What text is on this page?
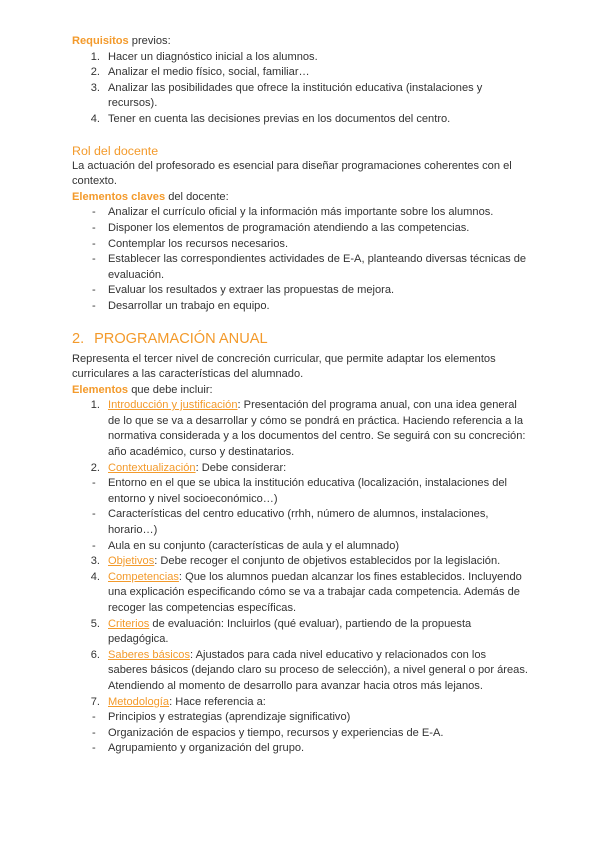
Requisitos previos:

1. Hacer un diagnóstico inicial a los alumnos.
2. Analizar el medio físico, social, familiar…
3. Analizar las posibilidades que ofrece la institución educativa (instalaciones y recursos).
4. Tener en cuenta las decisiones previas en los documentos del centro.

Rol del docente

La actuación del profesorado es esencial para diseñar programaciones coherentes con el contexto.

Elementos claves del docente:

-	Analizar el currículo oficial y la información más importante sobre los alumnos.
-	Disponer los elementos de programación atendiendo a las competencias.
-	Contemplar los recursos necesarios.
-	Establecer las correspondientes actividades de E-A, planteando diversas técnicas de evaluación.
-	Evaluar los resultados y extraer las propuestas de mejora.
-	Desarrollar un trabajo en equipo.

2. PROGRAMACIÓN ANUAL

Representa el tercer nivel de concreción curricular, que permite adaptar los elementos curriculares a las características del alumnado.

Elementos que debe incluir:

1. Introducción y justificación: Presentación del programa anual, con una idea general de lo que se va a desarrollar y cómo se pondrá en práctica. Haciendo referencia a la normativa considerada y a los documentos del centro. Se seguirá con su concreción: año académico, curso y destinatarios.
2. Contextualización: Debe considerar:
-	Entorno en el que se ubica la institución educativa (localización, instalaciones del entorno y nivel socioeconómico…)
-	Características del centro educativo (rrhh, número de alumnos, instalaciones, horario…)
-	Aula en su conjunto (características de aula y el alumnado)
3. Objetivos: Debe recoger el conjunto de objetivos establecidos por la legislación.
4. Competencias: Que los alumnos puedan alcanzar los fines establecidos. Incluyendo una explicación especificando cómo se va a trabajar cada competencia. Además de recoger las competencias específicas.
5. Criterios de evaluación: Incluirlos (qué evaluar), partiendo de la propuesta pedagógica.
6. Saberes básicos: Ajustados para cada nivel educativo y relacionados con los saberes básicos (dejando claro su proceso de selección), a nivel general o por áreas. Atendiendo al momento de desarrollo para avanzar hacia otros más lejanos.
7. Metodología: Hace referencia a:
-	Principios y estrategias (aprendizaje significativo)
-	Organización de espacios y tiempo, recursos y experiencias de E-A.
-	Agrupamiento y organización del grupo.
